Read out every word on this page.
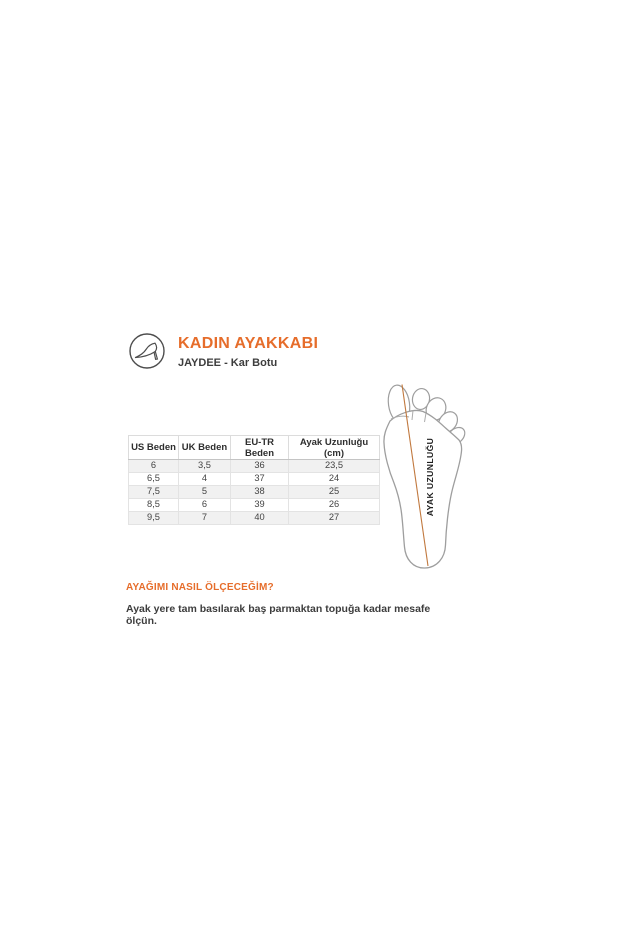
KADIN AYAKKABI
JAYDEE - Kar Botu
AYAK UZUNLUĞU
US Beden	UK Beden	EU-TR Beden	Ayak Uzunluğu (cm)
6	3,5	36	23,5
6,5	4	37	24
7,5	5	38	25
8,5	6	39	26
9,5	7	40	27
AYAĞIMI NASIL ÖLÇECEĞİM?
Ayak yere tam basılarak baş parmaktan topuğa kadar mesafe ölçün.
